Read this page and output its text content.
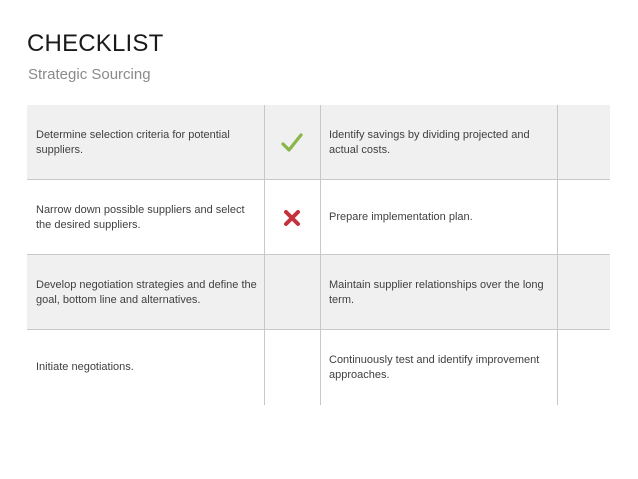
CHECKLIST
Strategic Sourcing
Determine selection criteria for potential suppliers.
Identify savings by dividing projected and actual costs.
Narrow down possible suppliers and select the desired suppliers.
Prepare implementation plan.
Develop negotiation strategies and define the goal, bottom line and alternatives.
Maintain supplier relationships over the long term.
Initiate negotiations.
Continuously test and identify improvement approaches.
